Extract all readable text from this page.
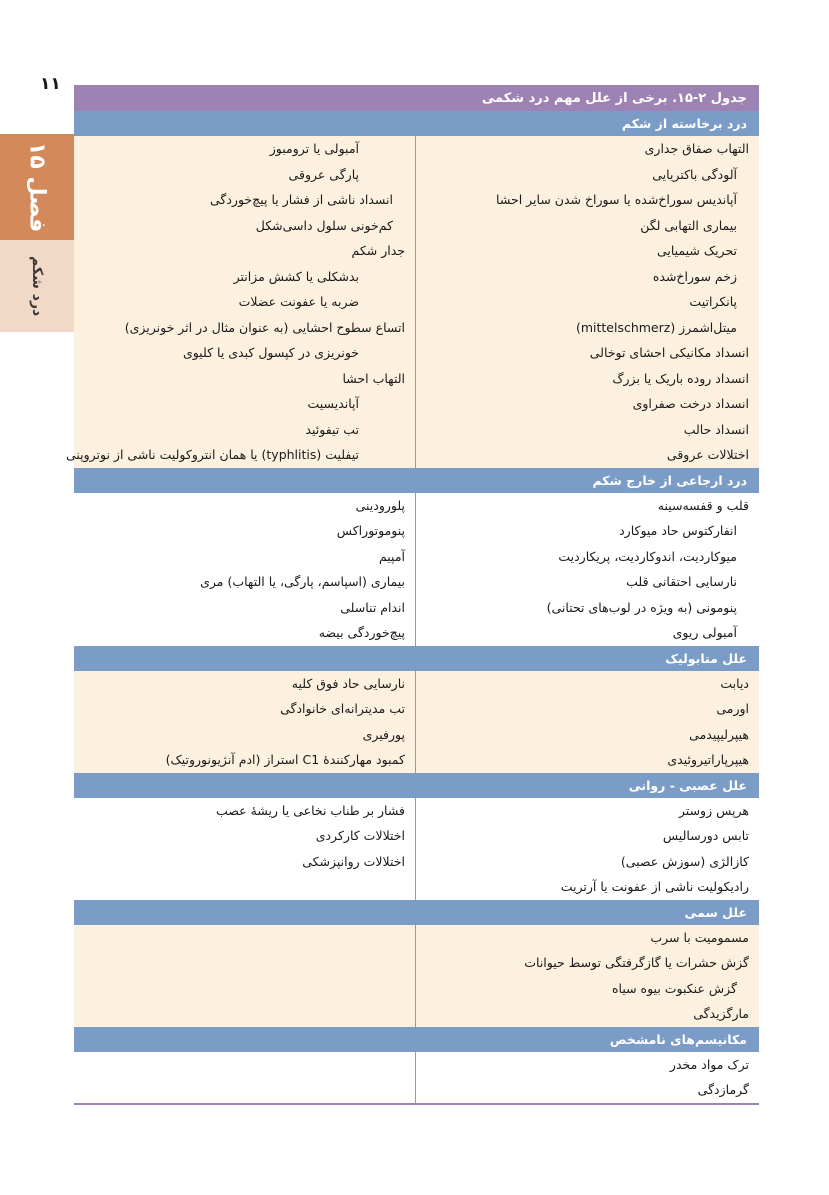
۱۱
فصل ۱۵
درد شکم
جدول ۲-۱۵. برخی از علل مهم درد شکمی
درد برخاسته از شکم
التهاب صفاق جداری
آلودگی باکتریایی
آپاندیس سوراخ‌شده یا سوراخ شدن سایر احشا
بیماری التهابی لگن
تحریک شیمیایی
زخم سوراخ‌شده
پانکراتیت
میتل‌اشمرز (mittelschmerz)
انسداد مکانیکی احشای توخالی
انسداد روده باریک یا بزرگ
انسداد درخت صفراوی
انسداد حالب
اختلالات عروقی
آمبولی یا ترومبوز
پارگی عروقی
انسداد ناشی از فشار یا پیچ‌خوردگی
کم‌خونی سلول داسی‌شکل
جدار شکم
بدشکلی یا کشش مزانتر
ضربه یا عفونت عضلات
اتساع سطوح احشایی (به عنوان مثال در اثر خونریزی)
خونریزی در کپسول کبدی یا کلیوی
التهاب احشا
آپاندیسیت
تب تیفوئید
تیفلیت (typhlitis) یا همان انتروکولیت ناشی از نوتروپنی
درد ارجاعی از خارج شکم
قلب و قفسه‌سینه
انفارکتوس حاد میوکارد
میوکاردیت، اندوکاردیت، پریکاردیت
نارسایی احتقانی قلب
پنومونی (به ویژه در لوب‌های تحتانی)
آمبولی ریوی
پلورودینی
پنوموتوراکس
آمپیم
بیماری (اسپاسم، پارگی، یا التهاب) مری
اندام تناسلی
پیچ‌خوردگی بیضه
علل متابولیک
دیابت
اورمی
هیپرلیپیدمی
هیپرپاراتیروئیدی
نارسایی حاد فوق کلیه
تب مدیترانه‌ای خانوادگی
پورفیری
کمبود مهارکنندهٔ C1 استراز (ادم آنژیونوروتیک)
علل عصبی - روانی
هرپس زوستر
تابس دورسالیس
کازالژی (سوزش عصبی)
رادیکولیت ناشی از عفونت یا آرتریت
فشار بر طناب نخاعی یا ریشهٔ عصب
اختلالات کارکردی
اختلالات روانپزشکی
علل سمی
مسمومیت با سرب
گزش حشرات یا گازگرفتگی توسط حیوانات
گزش عنکبوت بیوه سیاه
مارگزیدگی
مکانیسم‌های نامشخص
ترک مواد مخدر
گرمازدگی
